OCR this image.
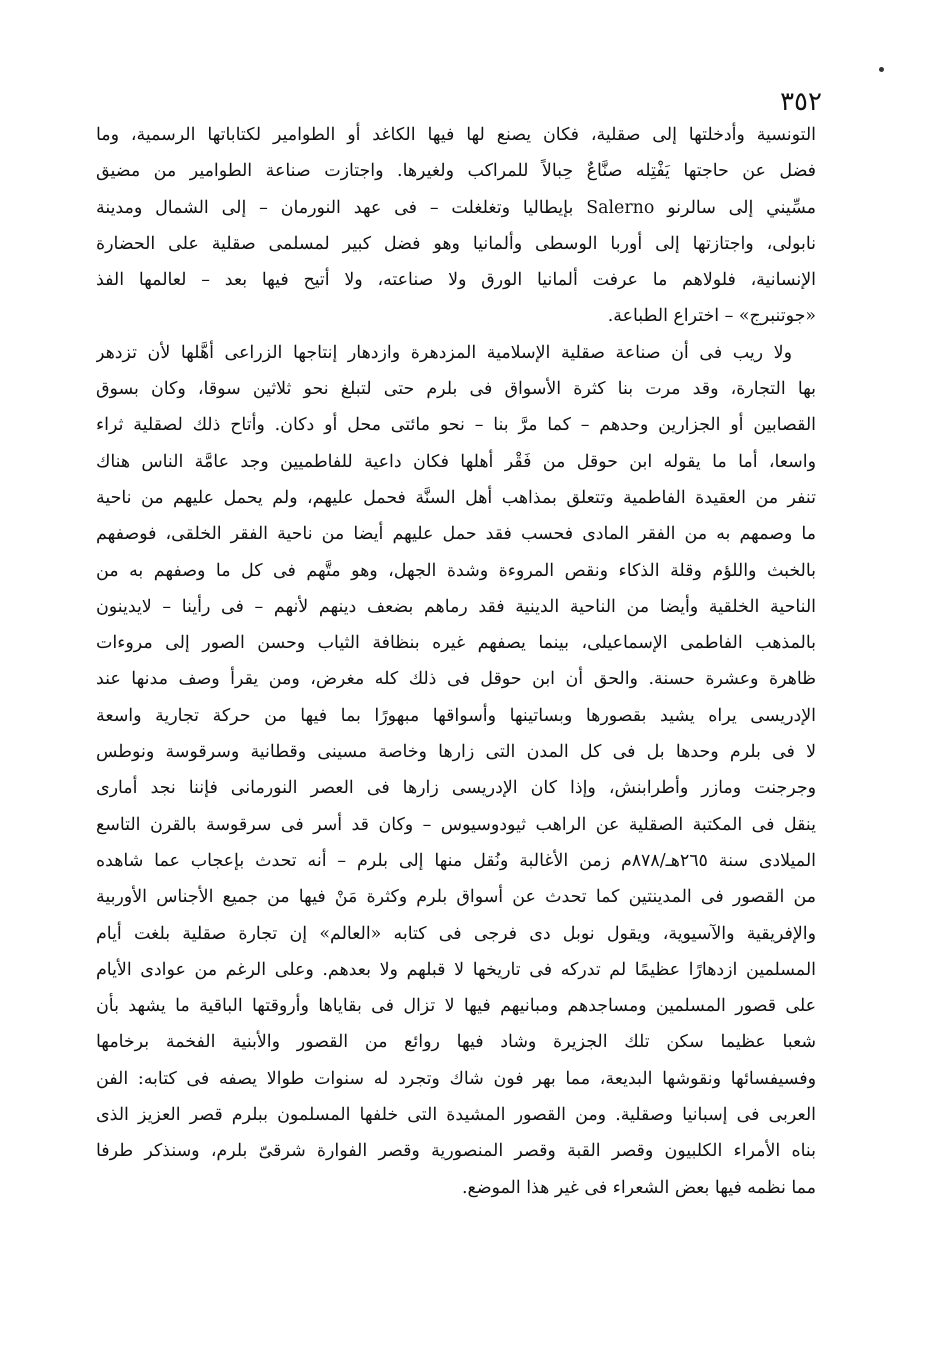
٣٥٢
التونسية وأدخلتها إلى صقلية، فكان يصنع لها فيها الكاغد أو الطوامير لكتاباتها الرسمية، وما
فضل عن حاجتها يَفْتِله صنَّاعٌ حِبالاً للمراكب ولغيرها. واجتازت صناعة الطوامير من مضيق
مسِّيني إلى سالرنو Salerno بإيطاليا وتغلغلت – فى عهد النورمان – إلى الشمال ومدينة
نابولى، واجتازتها إلى أوربا الوسطى وألمانيا وهو فضل كبير لمسلمى صقلية على الحضارة
الإنسانية، فلولاهم ما عرفت ألمانيا الورق ولا صناعته، ولا أتيح فيها بعد – لعالمها الفذ
«جوتنبرج» – اختراع الطباعة.
ولا ريب فى أن صناعة صقلية الإسلامية المزدهرة وازدهار إنتاجها الزراعى أهَّلها لأن تزدهر
بها التجارة، وقد مرت بنا كثرة الأسواق فى بلرم حتى لتبلغ نحو ثلاثين سوقا، وكان بسوق
القصابين أو الجزارين وحدهم – كما مرَّ بنا – نحو مائتى محل أو دكان. وأتاح ذلك لصقلية ثراء
واسعا، أما ما يقوله ابن حوقل من فَقْر أهلها فكان داعية للفاطميين وجد عامَّة الناس هناك
تنفر من العقيدة الفاطمية وتتعلق بمذاهب أهل السنَّة فحمل عليهم، ولم يحمل عليهم من ناحية
ما وصمهم به من الفقر المادى فحسب فقد حمل عليهم أيضا من ناحية الفقر الخلقى، فوصفهم
بالخبث واللؤم وقلة الذكاء ونقص المروءة وشدة الجهل، وهو متَّهم فى كل ما وصفهم به من
الناحية الخلقية وأيضا من الناحية الدينية فقد رماهم بضعف دينهم لأنهم – فى رأينا – لايدينون
بالمذهب الفاطمى الإسماعيلى، بينما يصفهم غيره بنظافة الثياب وحسن الصور إلى مروءات
ظاهرة وعشرة حسنة. والحق أن ابن حوقل فى ذلك كله مغرض، ومن يقرأ وصف مدنها عند
الإدريسى يراه يشيد بقصورها وبساتينها وأسواقها مبهورًا بما فيها من حركة تجارية واسعة
لا فى بلرم وحدها بل فى كل المدن التى زارها وخاصة مسينى وقطانية وسرقوسة ونوطس
وجرجنت ومازر وأطرابنش، وإذا كان الإدريسى زارها فى العصر النورمانى فإننا نجد أمارى
ينقل فى المكتبة الصقلية عن الراهب ثيودوسيوس – وكان قد أسر فى سرقوسة بالقرن التاسع
الميلادى سنة ٢٦٥هـ/٨٧٨م زمن الأغالبة ونُقل منها إلى بلرم – أنه تحدث بإعجاب عما شاهده
من القصور فى المدينتين كما تحدث عن أسواق بلرم وكثرة مَنْ فيها من جميع الأجناس الأوربية
والإفريقية والآسيوية، ويقول نوبل دى فرجى فى كتابه «العالم» إن تجارة صقلية بلغت أيام
المسلمين ازدهارًا عظيمًا لم تدركه فى تاريخها لا قبلهم ولا بعدهم. وعلى الرغم من عوادى الأيام
على قصور المسلمين ومساجدهم ومبانيهم فيها لا تزال فى بقاياها وأروقتها الباقية ما يشهد بأن
شعبا عظيما سكن تلك الجزيرة وشاد فيها روائع من القصور والأبنية الفخمة برخامها
وفسيفسائها ونقوشها البديعة، مما بهر فون شاك وتجرد له سنوات طوالا يصفه فى كتابه: الفن
العربى فى إسبانيا وصقلية. ومن القصور المشيدة التى خلفها المسلمون ببلرم قصر العزيز الذى
بناه الأمراء الكلبيون وقصر القبة وقصر المنصورية وقصر الفوارة شرقىّ بلرم، وسنذكر طرفا
مما نظمه فيها بعض الشعراء فى غير هذا الموضع.
